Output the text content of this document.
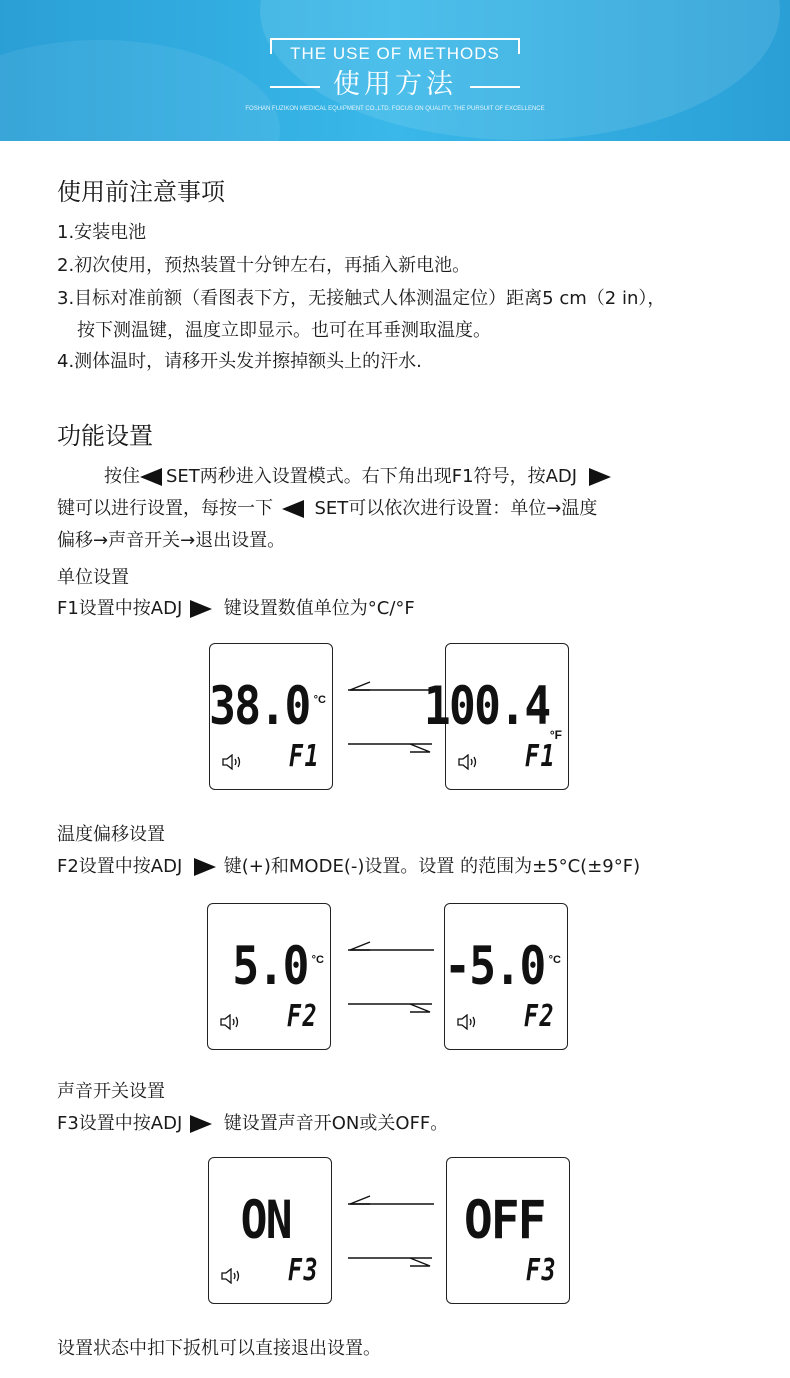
THE USE OF METHODS
使用方法
FOSHAN FUZIKON MEDICAL EQUIPMENT CO.,LTD. FOCUS ON QUALITY, THE PURSUIT OF EXCELLENCE
使用前注意事项
1.安装电池
2.初次使用，预热装置十分钟左右，再插入新电池。
3.目标对准前额（看图表下方，无接触式人体测温定位）距离5 cm（2 in），
按下测温键，温度立即显示。也可在耳垂测取温度。
4.测体温时，请移开头发并擦掉额头上的汗水.
功能设置
按住 SET两秒进入设置模式。右下角出现F1符号，按ADJ
键可以进行设置，每按一下 SET可以依次进行设置：单位→温度
偏移→声音开关→退出设置。
单位设置
F1设置中按ADJ 键设置数值单位为°C/°F
38.0 °C
F1
100.4 °F
F1
温度偏移设置
F2设置中按ADJ 键(+)和MODE(-)设置。设置 的范围为±5°C(±9°F)
5.0 °C
F2
-5.0 °C
F2
声音开关设置
F3设置中按ADJ 键设置声音开ON或关OFF。
ON
F3
OFF
F3
设置状态中扣下扳机可以直接退出设置。
